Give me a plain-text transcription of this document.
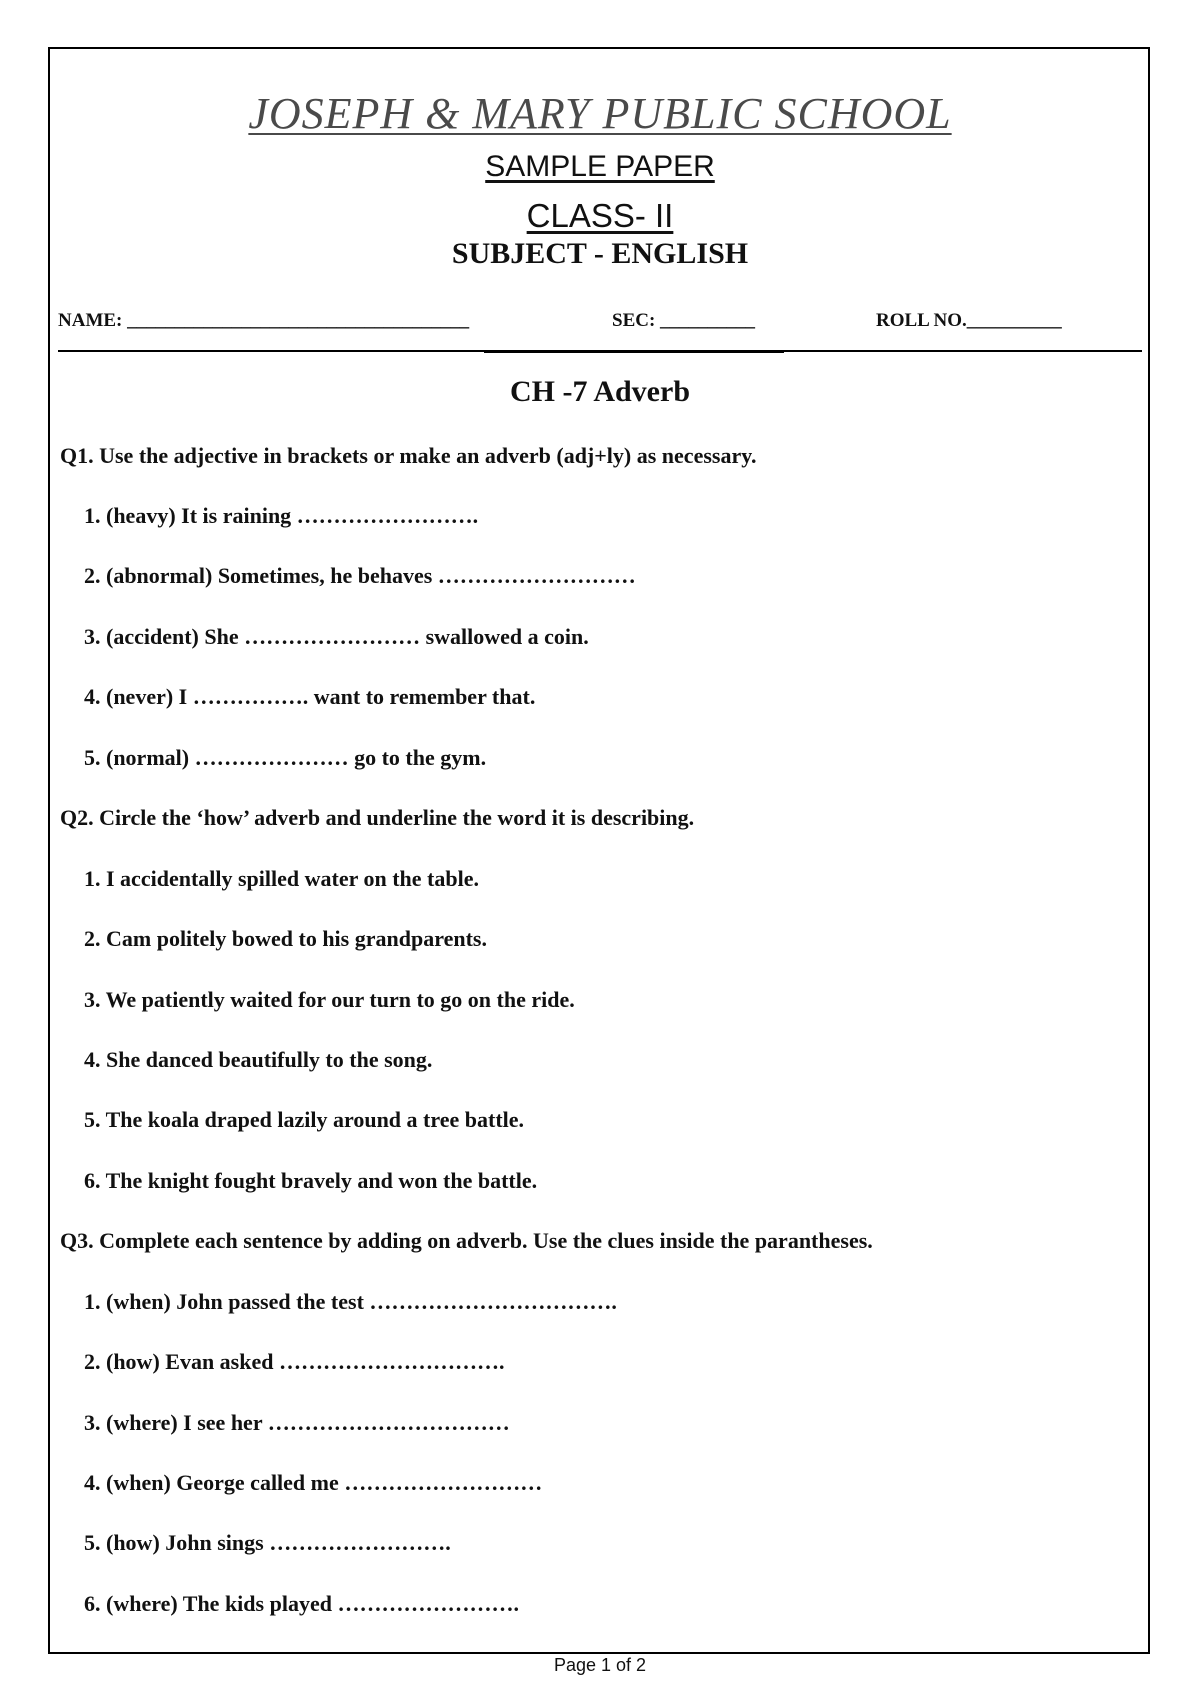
JOSEPH & MARY PUBLIC SCHOOL
SAMPLE PAPER
CLASS- II
SUBJECT - ENGLISH
NAME: ____________________________________	SEC: __________	ROLL NO.__________
CH -7 Adverb
Q1. Use the adjective in brackets or make an adverb (adj+ly) as necessary.
1. (heavy) It is raining …………………….
2. (abnormal) Sometimes, he behaves ………………………
3. (accident) She …………………… swallowed a coin.
4. (never) I ……………. want to remember that.
5. (normal) ………………… go to the gym.
Q2. Circle the ‘how’ adverb and underline the word it is describing.
1. I accidentally spilled water on the table.
2. Cam politely bowed to his grandparents.
3. We patiently waited for our turn to go on the ride.
4. She danced beautifully to the song.
5. The koala draped lazily around a tree battle.
6. The knight fought bravely and won the battle.
Q3. Complete each sentence by adding on adverb. Use the clues inside the parantheses.
1. (when) John passed the test …………………………….
2. (how) Evan asked ………………………….
3. (where) I see her ……………………………
4. (when) George called me ………………………
5. (how) John sings …………………….
6. (where) The kids played …………………….
Page 1 of 2
